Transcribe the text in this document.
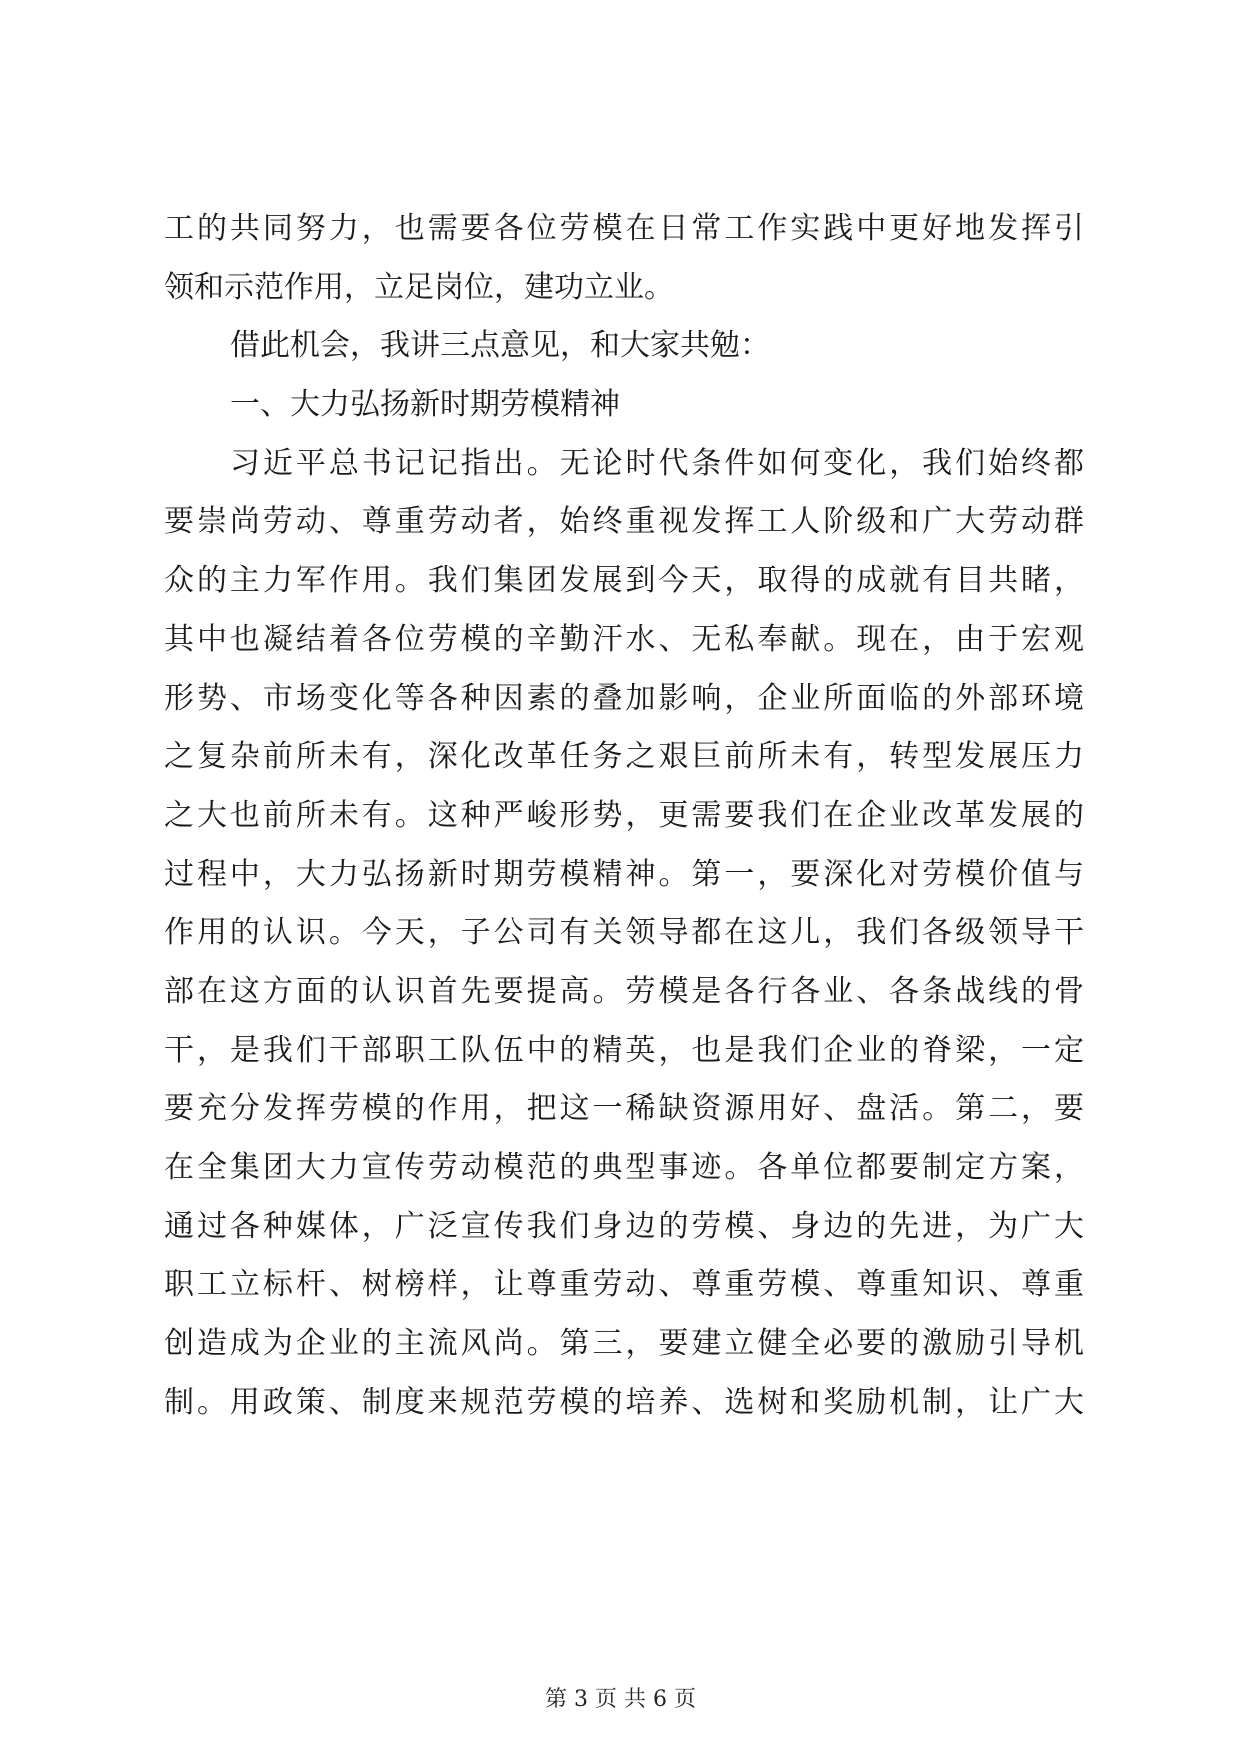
工的共同努力，也需要各位劳模在日常工作实践中更好地发挥引
领和示范作用，立足岗位，建功立业。
借此机会，我讲三点意见，和大家共勉：
一、大力弘扬新时期劳模精神
习近平总书记记指出。无论时代条件如何变化，我们始终都
要崇尚劳动、尊重劳动者，始终重视发挥工人阶级和广大劳动群
众的主力军作用。我们集团发展到今天，取得的成就有目共睹，
其中也凝结着各位劳模的辛勤汗水、无私奉献。现在，由于宏观
形势、市场变化等各种因素的叠加影响，企业所面临的外部环境
之复杂前所未有，深化改革任务之艰巨前所未有，转型发展压力
之大也前所未有。这种严峻形势，更需要我们在企业改革发展的
过程中，大力弘扬新时期劳模精神。第一，要深化对劳模价值与
作用的认识。今天，子公司有关领导都在这儿，我们各级领导干
部在这方面的认识首先要提高。劳模是各行各业、各条战线的骨
干，是我们干部职工队伍中的精英，也是我们企业的脊梁，一定
要充分发挥劳模的作用，把这一稀缺资源用好、盘活。第二，要
在全集团大力宣传劳动模范的典型事迹。各单位都要制定方案，
通过各种媒体，广泛宣传我们身边的劳模、身边的先进，为广大
职工立标杆、树榜样，让尊重劳动、尊重劳模、尊重知识、尊重
创造成为企业的主流风尚。第三，要建立健全必要的激励引导机
制。用政策、制度来规范劳模的培养、选树和奖励机制，让广大
第 3 页 共 6 页
